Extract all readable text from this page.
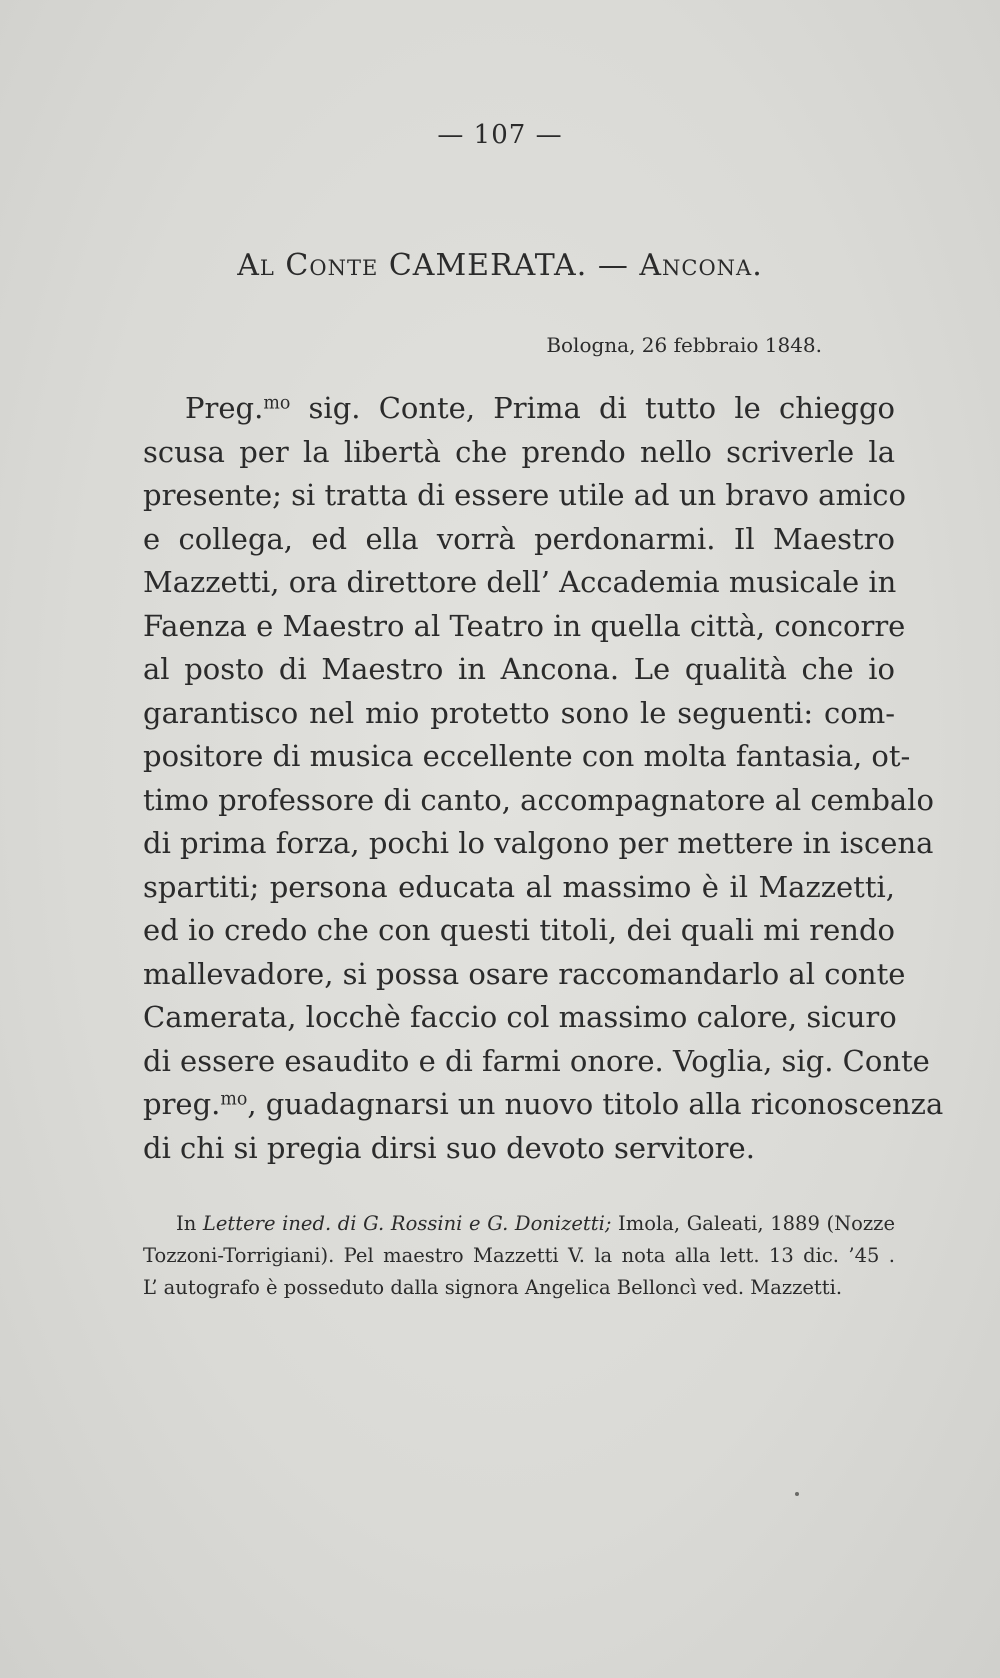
— 107 —
Al Conte CAMERATA. — Ancona.
Bologna, 26 febbraio 1848.
Preg.$^{mo}$ sig. Conte, Prima di tutto le chieggo
scusa per la libertà che prendo nello scriverle la
presente; si tratta di essere utile ad un bravo amico
e collega, ed ella vorrà perdonarmi. Il Maestro
Mazzetti, ora direttore dell’ Accademia musicale in
Faenza e Maestro al Teatro in quella città, concorre
al posto di Maestro in Ancona. Le qualità che io
garantisco nel mio protetto sono le seguenti: com-
positore di musica eccellente con molta fantasia, ot-
timo professore di canto, accompagnatore al cembalo
di prima forza, pochi lo valgono per mettere in iscena
spartiti; persona educata al massimo è il Mazzetti,
ed io credo che con questi titoli, dei quali mi rendo
mallevadore, si possa osare raccomandarlo al conte
Camerata, locchè faccio col massimo calore, sicuro
di essere esaudito e di farmi onore. Voglia, sig. Conte
preg.$^{mo}$, guadagnarsi un nuovo titolo alla riconoscenza
di chi si pregia dirsi suo devoto servitore.
In Lettere ined. di G. Rossini e G. Donizetti; Imola, Galeati, 1889 (Nozze
Tozzoni-Torrigiani). Pel maestro Mazzetti V. la nota alla lett. 13 dic. ’45 .
L’ autografo è posseduto dalla signora Angelica Belloncì ved. Mazzetti.
